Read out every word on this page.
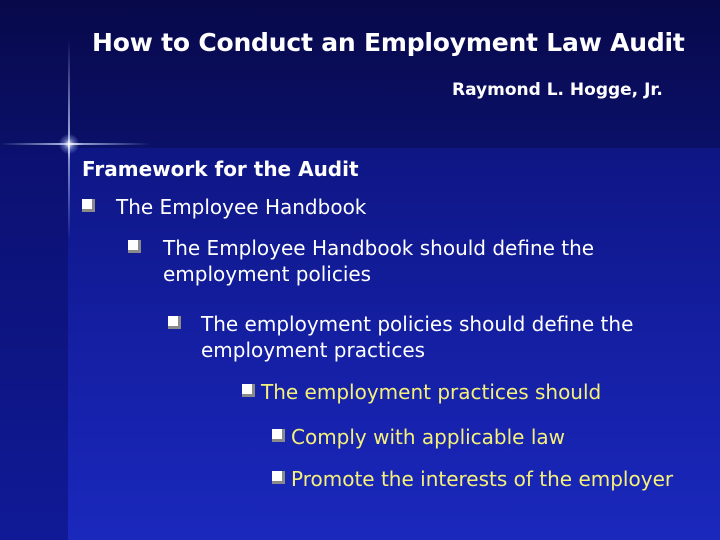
How to Conduct an Employment Law Audit
Raymond L. Hogge, Jr.
Framework for the Audit
The Employee Handbook
The Employee Handbook should define the employment policies
The employment policies should define the employment practices
The employment practices should
Comply with applicable law
Promote the interests of the employer
